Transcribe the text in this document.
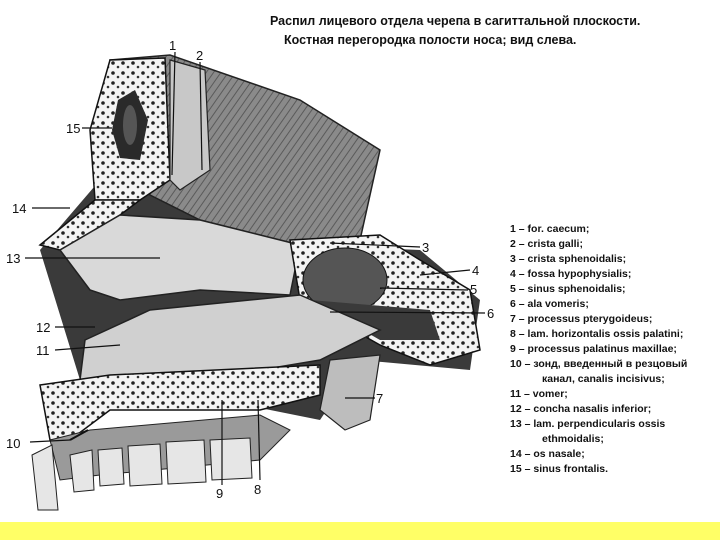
Распил лицевого отдела черепа в сагиттальной плоскости.
Костная перегородка полости носа; вид слева.
1
2
3
4
5
6
7
8
9
10
11
12
13
14
15
1 – for. caecum;
2 – crista galli;
3 – crista sphenoidalis;
4 – fossa hypophysialis;
5 – sinus sphenoidalis;
6 – ala vomeris;
7 – processus pterygoideus;
8 – lam. horizontalis ossis palatini;
9 – processus palatinus maxillae;
10 – зонд, введенный в резцовый
канал, canalis incisivus;
11 – vomer;
12 – concha nasalis inferior;
13 – lam. perpendicularis ossis
ethmoidalis;
14 – os nasale;
15 – sinus frontalis.
